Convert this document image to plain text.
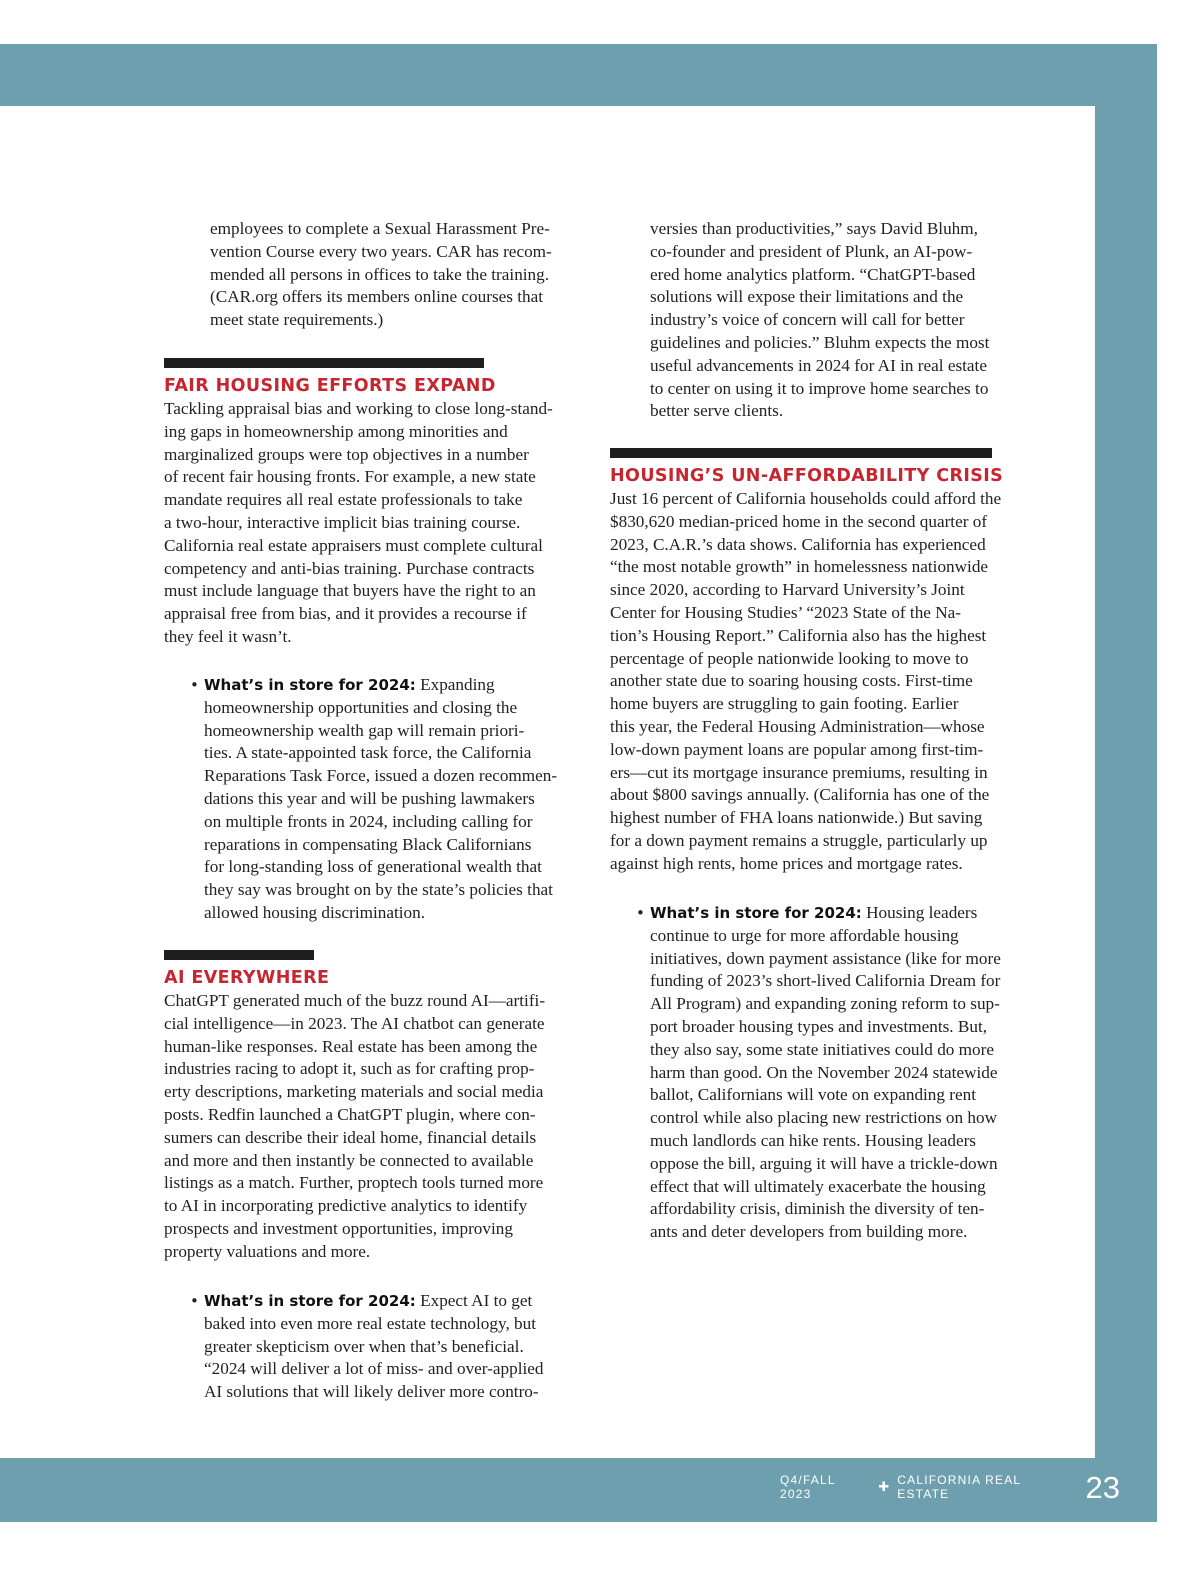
employees to complete a Sexual Harassment Pre-
vention Course every two years. CAR has recom-
mended all persons in offices to take the training.
(CAR.org offers its members online courses that
meet state requirements.)

FAIR HOUSING EFFORTS EXPAND

Tackling appraisal bias and working to close long-stand-
ing gaps in homeownership among minorities and
marginalized groups were top objectives in a number
of recent fair housing fronts. For example, a new state
mandate requires all real estate professionals to take
a two-hour, interactive implicit bias training course.
California real estate appraisers must complete cultural
competency and anti-bias training. Purchase contracts
must include language that buyers have the right to an
appraisal free from bias, and it provides a recourse if
they feel it wasn’t.

• What’s in store for 2024: Expanding
homeownership opportunities and closing the
homeownership wealth gap will remain priori-
ties. A state-appointed task force, the California
Reparations Task Force, issued a dozen recommen-
dations this year and will be pushing lawmakers
on multiple fronts in 2024, including calling for
reparations in compensating Black Californians
for long-standing loss of generational wealth that
they say was brought on by the state’s policies that
allowed housing discrimination.
AI EVERYWHERE

ChatGPT generated much of the buzz round AI—artifi-
cial intelligence—in 2023. The AI chatbot can generate
human-like responses. Real estate has been among the
industries racing to adopt it, such as for crafting prop-
erty descriptions, marketing materials and social media
posts. Redfin launched a ChatGPT plugin, where con-
sumers can describe their ideal home, financial details
and more and then instantly be connected to available
listings as a match. Further, proptech tools turned more
to AI in incorporating predictive analytics to identify
prospects and investment opportunities, improving
property valuations and more.

• What’s in store for 2024: Expect AI to get
baked into even more real estate technology, but
greater skepticism over when that’s beneficial.
“2024 will deliver a lot of miss- and over-applied
AI solutions that will likely deliver more contro-

versies than productivities,” says David Bluhm,
co-founder and president of Plunk, an AI-pow-
ered home analytics platform. “ChatGPT-based
solutions will expose their limitations and the
industry’s voice of concern will call for better
guidelines and policies.” Bluhm expects the most
useful advancements in 2024 for AI in real estate
to center on using it to improve home searches to
better serve clients.

HOUSING’S UN-AFFORDABILITY CRISIS

Just 16 percent of California households could afford the
$830,620 median-priced home in the second quarter of
2023, C.A.R.’s data shows. California has experienced
“the most notable growth” in homelessness nationwide
since 2020, according to Harvard University’s Joint
Center for Housing Studies’ “2023 State of the Na-
tion’s Housing Report.” California also has the highest
percentage of people nationwide looking to move to
another state due to soaring housing costs. First-time
home buyers are struggling to gain footing. Earlier
this year, the Federal Housing Administration—whose
low-down payment loans are popular among first-tim-
ers—cut its mortgage insurance premiums, resulting in
about $800 savings annually. (California has one of the
highest number of FHA loans nationwide.) But saving
for a down payment remains a struggle, particularly up
against high rents, home prices and mortgage rates.

• What’s in store for 2024: Housing leaders
continue to urge for more affordable housing
initiatives, down payment assistance (like for more
funding of 2023’s short-lived California Dream for
All Program) and expanding zoning reform to sup-
port broader housing types and investments. But,
they also say, some state initiatives could do more
harm than good. On the November 2024 statewide
ballot, Californians will vote on expanding rent
control while also placing new restrictions on how
much landlords can hike rents. Housing leaders
oppose the bill, arguing it will have a trickle-down
effect that will ultimately exacerbate the housing
affordability crisis, diminish the diversity of ten-
ants and deter developers from building more.
Q4/FALL 2023	✚ CALIFORNIA REAL ESTATE	23
